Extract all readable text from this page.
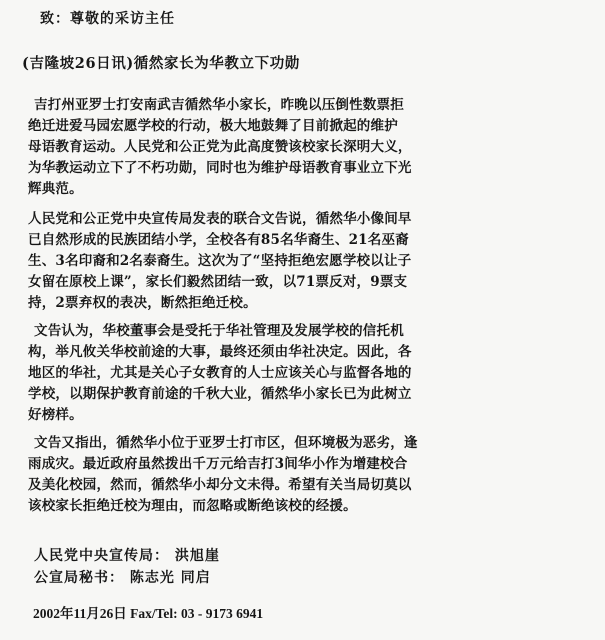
致：尊敬的采访主任
(吉隆坡26日讯)循然家长为华教立下功勋
吉打州亚罗士打安南武吉循然华小家长，昨晚以压倒性数票拒
绝迁进爱马园宏愿学校的行动，极大地鼓舞了目前掀起的维护
母语教育运动。人民党和公正党为此高度赞该校家长深明大义，
为华教运动立下了不朽功勋，同时也为维护母语教育事业立下光
辉典范。
人民党和公正党中央宣传局发表的联合文告说，循然华小像间早
已自然形成的民族团结小学，全校各有85名华裔生、21名巫裔
生、3名印裔和2名泰裔生。这次为了“坚持拒绝宏愿学校以让子
女留在原校上课”，家长们毅然团结一致，以71票反对，9票支
持，2票弃权的表决，断然拒绝迁校。
文告认为，华校董事会是受托于华社管理及发展学校的信托机
构，举凡攸关华校前途的大事，最终还须由华社决定。因此，各
地区的华社，尤其是关心子女教育的人士应该关心与监督各地的
学校，以期保护教育前途的千秋大业，循然华小家长已为此树立
好榜样。
文告又指出，循然华小位于亚罗士打市区，但环境极为恶劣，逢
雨成灾。最近政府虽然拨出千万元给吉打3间华小作为增建校合
及美化校园，然而，循然华小却分文未得。希望有关当局切莫以
该校家长拒绝迁校为理由，而忽略或断绝该校的经援。
人民党中央宣传局： 洪旭崖
公宣局秘书： 陈志光 同启
2002年11月26日 Fax/Tel: 03 - 9173 6941
